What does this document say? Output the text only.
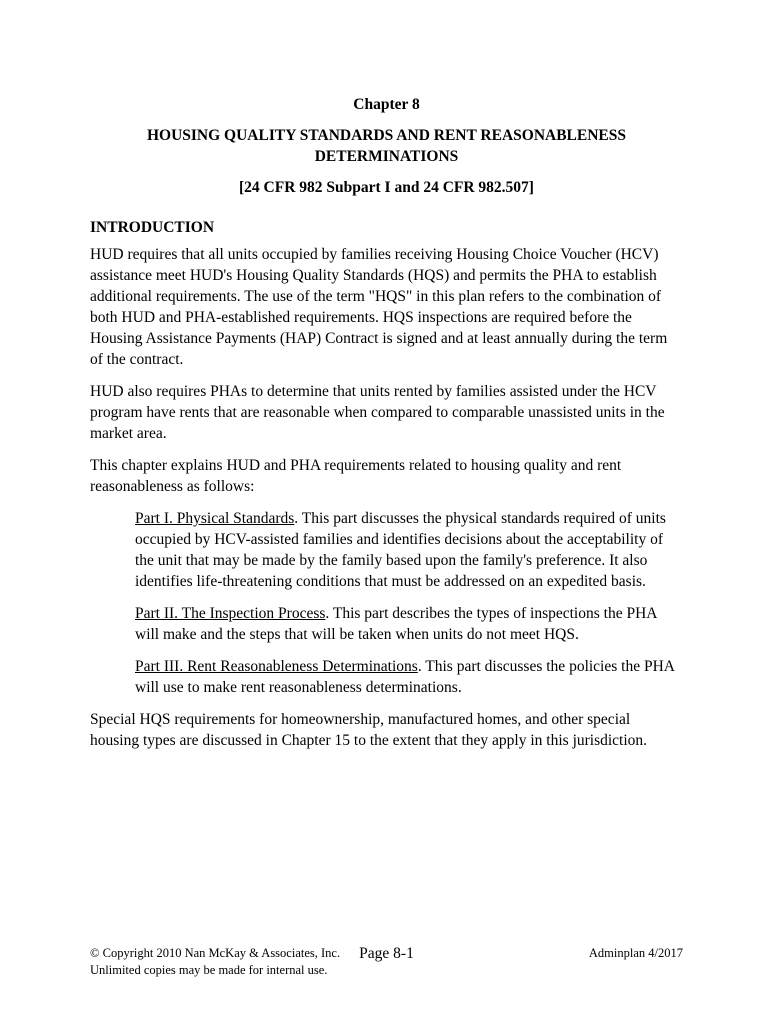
Chapter 8
HOUSING QUALITY STANDARDS AND RENT REASONABLENESS
DETERMINATIONS
[24 CFR 982 Subpart I and 24 CFR 982.507]
INTRODUCTION

HUD requires that all units occupied by families receiving Housing Choice Voucher (HCV) assistance meet HUD's Housing Quality Standards (HQS) and permits the PHA to establish additional requirements. The use of the term "HQS" in this plan refers to the combination of both HUD and PHA-established requirements. HQS inspections are required before the Housing Assistance Payments (HAP) Contract is signed and at least annually during the term of the contract.

HUD also requires PHAs to determine that units rented by families assisted under the HCV program have rents that are reasonable when compared to comparable unassisted units in the market area.

This chapter explains HUD and PHA requirements related to housing quality and rent reasonableness as follows:

Part I. Physical Standards. This part discusses the physical standards required of units occupied by HCV-assisted families and identifies decisions about the acceptability of the unit that may be made by the family based upon the family's preference. It also identifies life-threatening conditions that must be addressed on an expedited basis.

Part II. The Inspection Process. This part describes the types of inspections the PHA will make and the steps that will be taken when units do not meet HQS.

Part III. Rent Reasonableness Determinations. This part discusses the policies the PHA will use to make rent reasonableness determinations.

Special HQS requirements for homeownership, manufactured homes, and other special housing types are discussed in Chapter 15 to the extent that they apply in this jurisdiction.

© Copyright 2010 Nan McKay & Associates, Inc.
Unlimited copies may be made for internal use.
Page 8-1	Adminplan 4/2017
